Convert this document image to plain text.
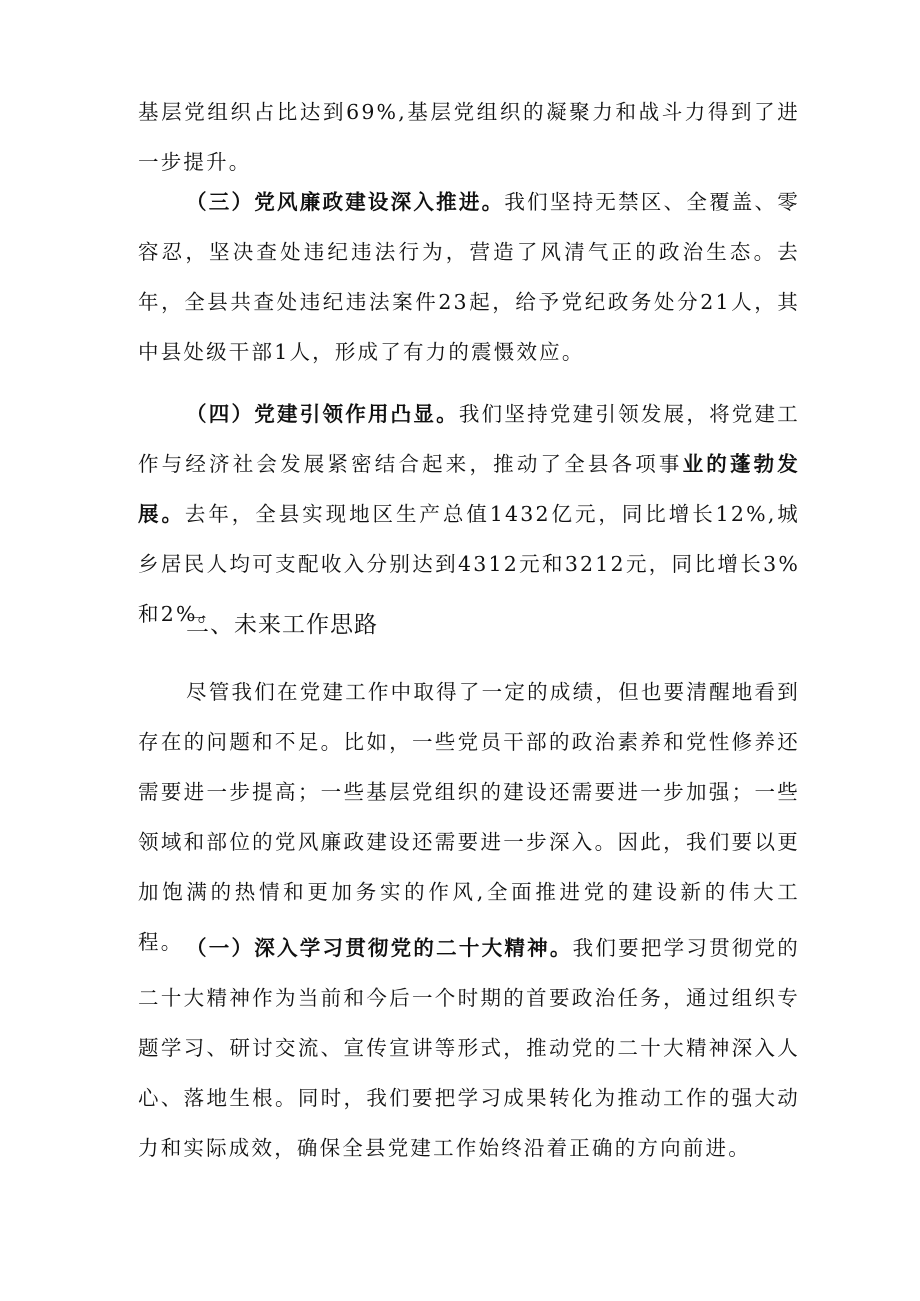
基层党组织占比达到69%,基层党组织的凝聚力和战斗力得到了进一步提升。

（三）党风廉政建设深入推进。我们坚持无禁区、全覆盖、零容忍，坚决查处违纪违法行为，营造了风清气正的政治生态。去年，全县共查处违纪违法案件23起，给予党纪政务处分21人，其中县处级干部1人，形成了有力的震慑效应。

（四）党建引领作用凸显。我们坚持党建引领发展，将党建工作与经济社会发展紧密结合起来，推动了全县各项事业的蓬勃发展。去年，全县实现地区生产总值1432亿元，同比增长12%,城乡居民人均可支配收入分别达到4312元和3212元，同比增长3%和2%。

二、未来工作思路

尽管我们在党建工作中取得了一定的成绩，但也要清醒地看到存在的问题和不足。比如，一些党员干部的政治素养和党性修养还需要进一步提高；一些基层党组织的建设还需要进一步加强；一些领域和部位的党风廉政建设还需要进一步深入。因此，我们要以更加饱满的热情和更加务实的作风,全面推进党的建设新的伟大工程。 （一）深入学习贯彻党的二十大精神。我们要把学习贯彻党的二十大精神作为当前和今后一个时期的首要政治任务，通过组织专题学习、研讨交流、宣传宣讲等形式，推动党的二十大精神深入人心、落地生根。同时，我们要把学习成果转化为推动工作的强大动力和实际成效，确保全县党建工作始终沿着正确的方向前进。
